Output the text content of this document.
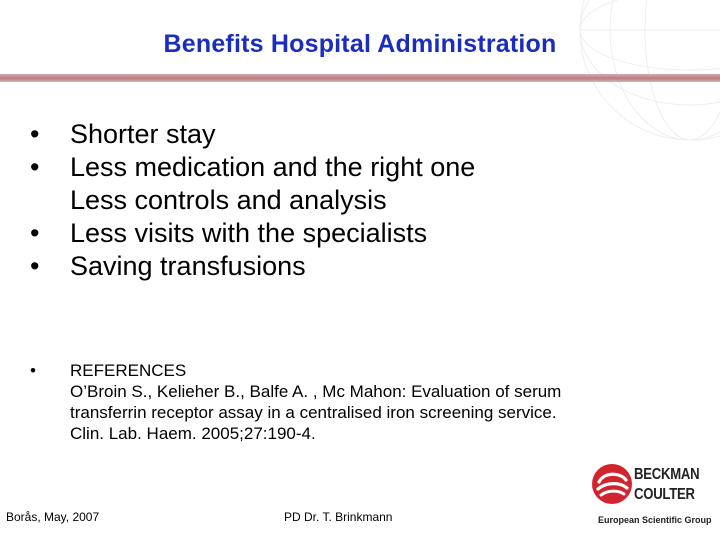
Benefits Hospital Administration
•	Shorter stay
•	Less medication and the right one
Less controls and analysis
•	Less visits with the specialists
•	Saving transfusions
•	REFERENCES
O’Broin S., Kelieher B., Balfe A. , Mc Mahon: Evaluation of serum
transferrin receptor assay in a centralised iron screening service.
Clin. Lab. Haem. 2005;27:190-4.
Borås, May, 2007	PD Dr. T. Brinkmann
BECKMAN
COULTER
European Scientific Group
